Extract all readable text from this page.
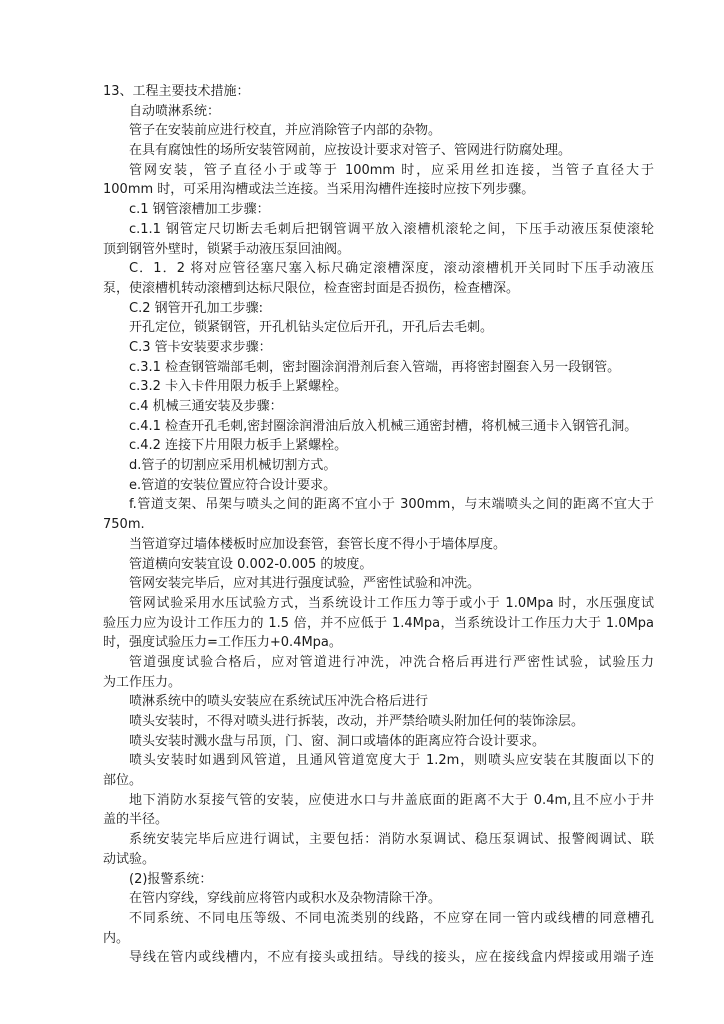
13、工程主要技术措施：
自动喷淋系统：
管子在安装前应进行校直，并应消除管子内部的杂物。
在具有腐蚀性的场所安装管网前，应按设计要求对管子、管网进行防腐处理。
管网安装，管子直径小于或等于 100mm 时，应采用丝扣连接，当管子直径大于
100mm 时，可采用沟槽或法兰连接。当采用沟槽件连接时应按下列步骤。
c.1 钢管滚槽加工步骤：
c.1.1 钢管定尺切断去毛刺后把钢管调平放入滚槽机滚轮之间，下压手动液压泵使滚轮
顶到钢管外壁时，锁紧手动液压泵回油阀。
C．1．2 将对应管径塞尺塞入标尺确定滚槽深度，滚动滚槽机开关同时下压手动液压
泵，使滚槽机转动滚槽到达标尺限位，检查密封面是否损伤，检查槽深。
C.2 钢管开孔加工步骤:
开孔定位，锁紧钢管，开孔机钻头定位后开孔，开孔后去毛刺。
C.3 管卡安装要求步骤：
c.3.1 检查钢管端部毛刺，密封圈涂润滑剂后套入管端，再将密封圈套入另一段钢管。
c.3.2 卡入卡件用限力板手上紧螺栓。
c.4 机械三通安装及步骤：
c.4.1 检查开孔毛刺,密封圈涂润滑油后放入机械三通密封槽，将机械三通卡入钢管孔洞。
c.4.2 连接下片用限力板手上紧螺栓。
d.管子的切割应采用机械切割方式。
e.管道的安装位置应符合设计要求。
f.管道支架、吊架与喷头之间的距离不宜小于 300mm，与末端喷头之间的距离不宜大于
750m.
当管道穿过墙体楼板时应加设套管，套管长度不得小于墙体厚度。
管道横向安装宜设 0.002-0.005 的坡度。
管网安装完毕后，应对其进行强度试验，严密性试验和冲洗。
管网试验采用水压试验方式，当系统设计工作压力等于或小于 1.0Mpa 时，水压强度试
验压力应为设计工作压力的 1.5 倍，并不应低于 1.4Mpa，当系统设计工作压力大于 1.0Mpa
时，强度试验压力=工作压力+0.4Mpa。
管道强度试验合格后，应对管道进行冲洗，冲洗合格后再进行严密性试验，试验压力
为工作压力。
喷淋系统中的喷头安装应在系统试压冲洗合格后进行
喷头安装时，不得对喷头进行拆装，改动，并严禁给喷头附加任何的装饰涂层。
喷头安装时溅水盘与吊顶，门、窗、洞口或墙体的距离应符合设计要求。
喷头安装时如遇到风管道，且通风管道宽度大于 1.2m，则喷头应安装在其腹面以下的
部位。
地下消防水泵接气管的安装，应使进水口与井盖底面的距离不大于 0.4m,且不应小于井
盖的半径。
系统安装完毕后应进行调试，主要包括：消防水泵调试、稳压泵调试、报警阀调试、联
动试验。
(2)报警系统：
在管内穿线，穿线前应将管内或积水及杂物清除干净。
不同系统、不同电压等级、不同电流类别的线路，不应穿在同一管内或线槽的同意槽孔
内。
导线在管内或线槽内，不应有接头或扭结。导线的接头，应在接线盒内焊接或用端子连
